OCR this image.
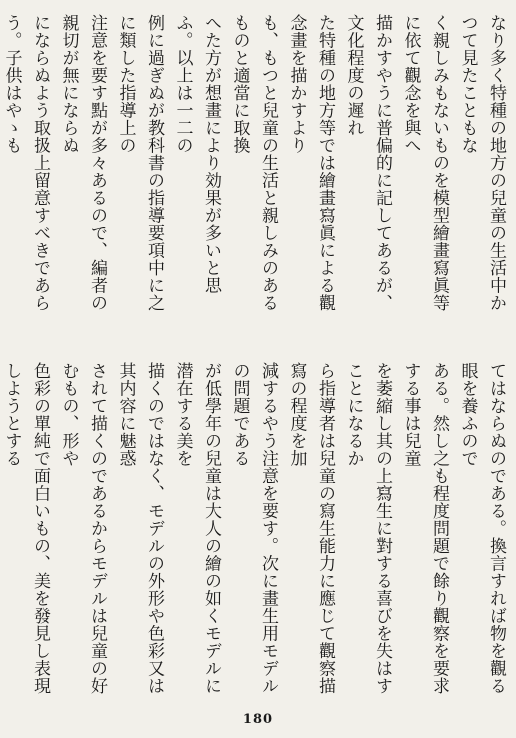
なり多く特種の地方の兒童の生活中かつて見たこともな
く親しみもないものを模型繪畫寫眞等に依て觀念を與へ
描かすやうに普偏的に記してあるが、文化程度の遲れ
た特種の地方等では繪畫寫眞による觀念畫を描かすより
も、もつと兒童の生活と親しみのあるものと適當に取換
へた方が想畫により効果が多いと思ふ。以上は一二の
例に過ぎぬが教科書の指導要項中に之に類した指導上の
注意を要す點が多々あるので、編者の親切が無にならぬ
にならぬよう取扱上留意すべきであらう。子供はやゝも
てはならぬのである。換言すれば物を觀る眼を養ふので
ある。然し之も程度問題で餘り觀察を要求する事は兒童
を萎縮し其の上寫生に對する喜びを失はすことになるか
ら指導者は兒童の寫生能力に應じて觀察描寫の程度を加
減するやう注意を要す。次に畫生用モデルの問題である
が低學年の兒童は大人の繪の如くモデルに潜在する美を
描くのではなく、モデルの外形や色彩又は其内容に魅惑
されて描くのであるからモデルは兒童の好むもの、形や
色彩の單純で面白いもの、美を發見し表現しようとする
180
